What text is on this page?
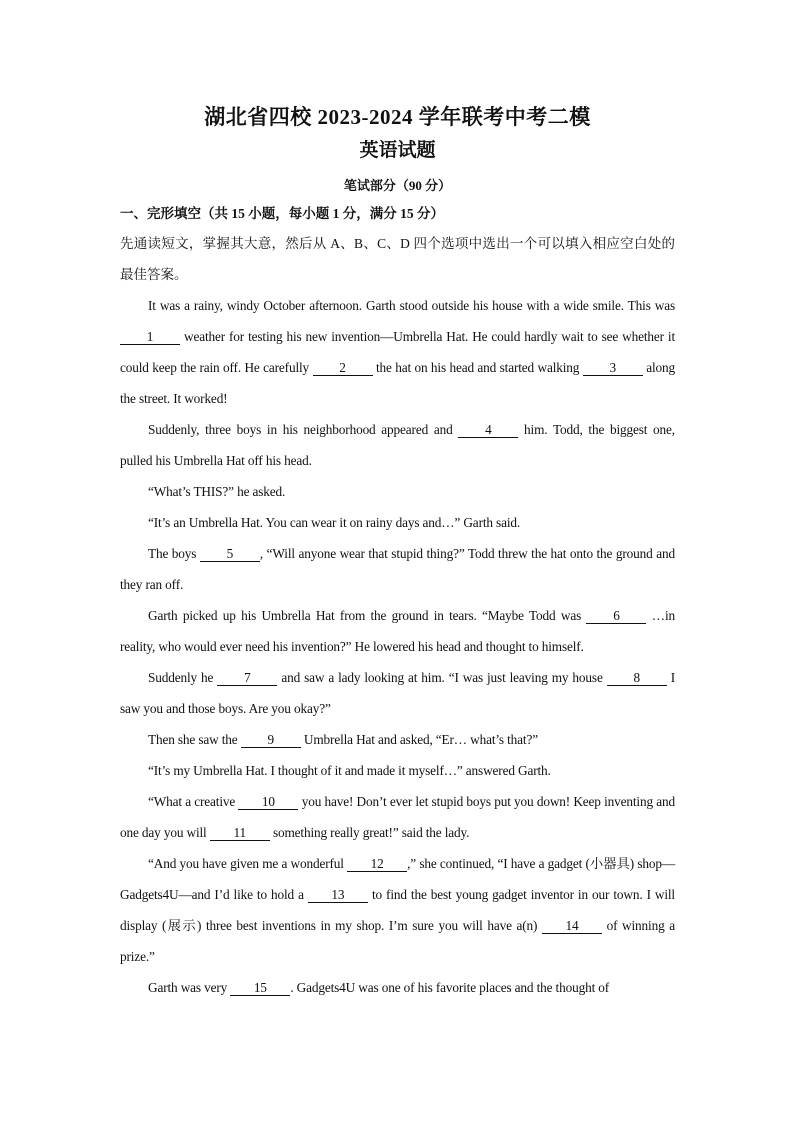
湖北省四校 2023-2024 学年联考中考二模
英语试题
笔试部分（90 分）
一、完形填空（共 15 小题，每小题 1 分，满分 15 分）

先通读短文，掌握其大意，然后从 A、B、C、D 四个选项中选出一个可以填入相应空白处的最佳答案。

It was a rainy, windy October afternoon. Garth stood outside his house with a wide smile. This was 1 weather for testing his new invention—Umbrella Hat. He could hardly wait to see whether it could keep the rain off. He carefully 2 the hat on his head and started walking 3 along the street. It worked!

Suddenly, three boys in his neighborhood appeared and 4 him. Todd, the biggest one, pulled his Umbrella Hat off his head.

“What’s THIS?” he asked.

“It’s an Umbrella Hat. You can wear it on rainy days and…” Garth said.

The boys 5 , “Will anyone wear that stupid thing?” Todd threw the hat onto the ground and they ran off.

Garth picked up his Umbrella Hat from the ground in tears. “Maybe Todd was 6 …in reality, who would ever need his invention?” He lowered his head and thought to himself.

Suddenly he 7 and saw a lady looking at him. “I was just leaving my house 8 I saw you and those boys. Are you okay?”

Then she saw the 9 Umbrella Hat and asked, “Er… what’s that?”

“It’s my Umbrella Hat. I thought of it and made it myself…” answered Garth.

“What a creative 10 you have! Don’t ever let stupid boys put you down! Keep inventing and one day you will 11 something really great!” said the lady.

“And you have given me a wonderful 12 ,” she continued, “I have a gadget (小器具) shop—Gadgets4U—and I’d like to hold a 13 to find the best young gadget inventor in our town. I will display (展示) three best inventions in my shop. I’m sure you will have a(n) 14 of winning a prize.”

Garth was very 15 . Gadgets4U was one of his favorite places and the thought of
